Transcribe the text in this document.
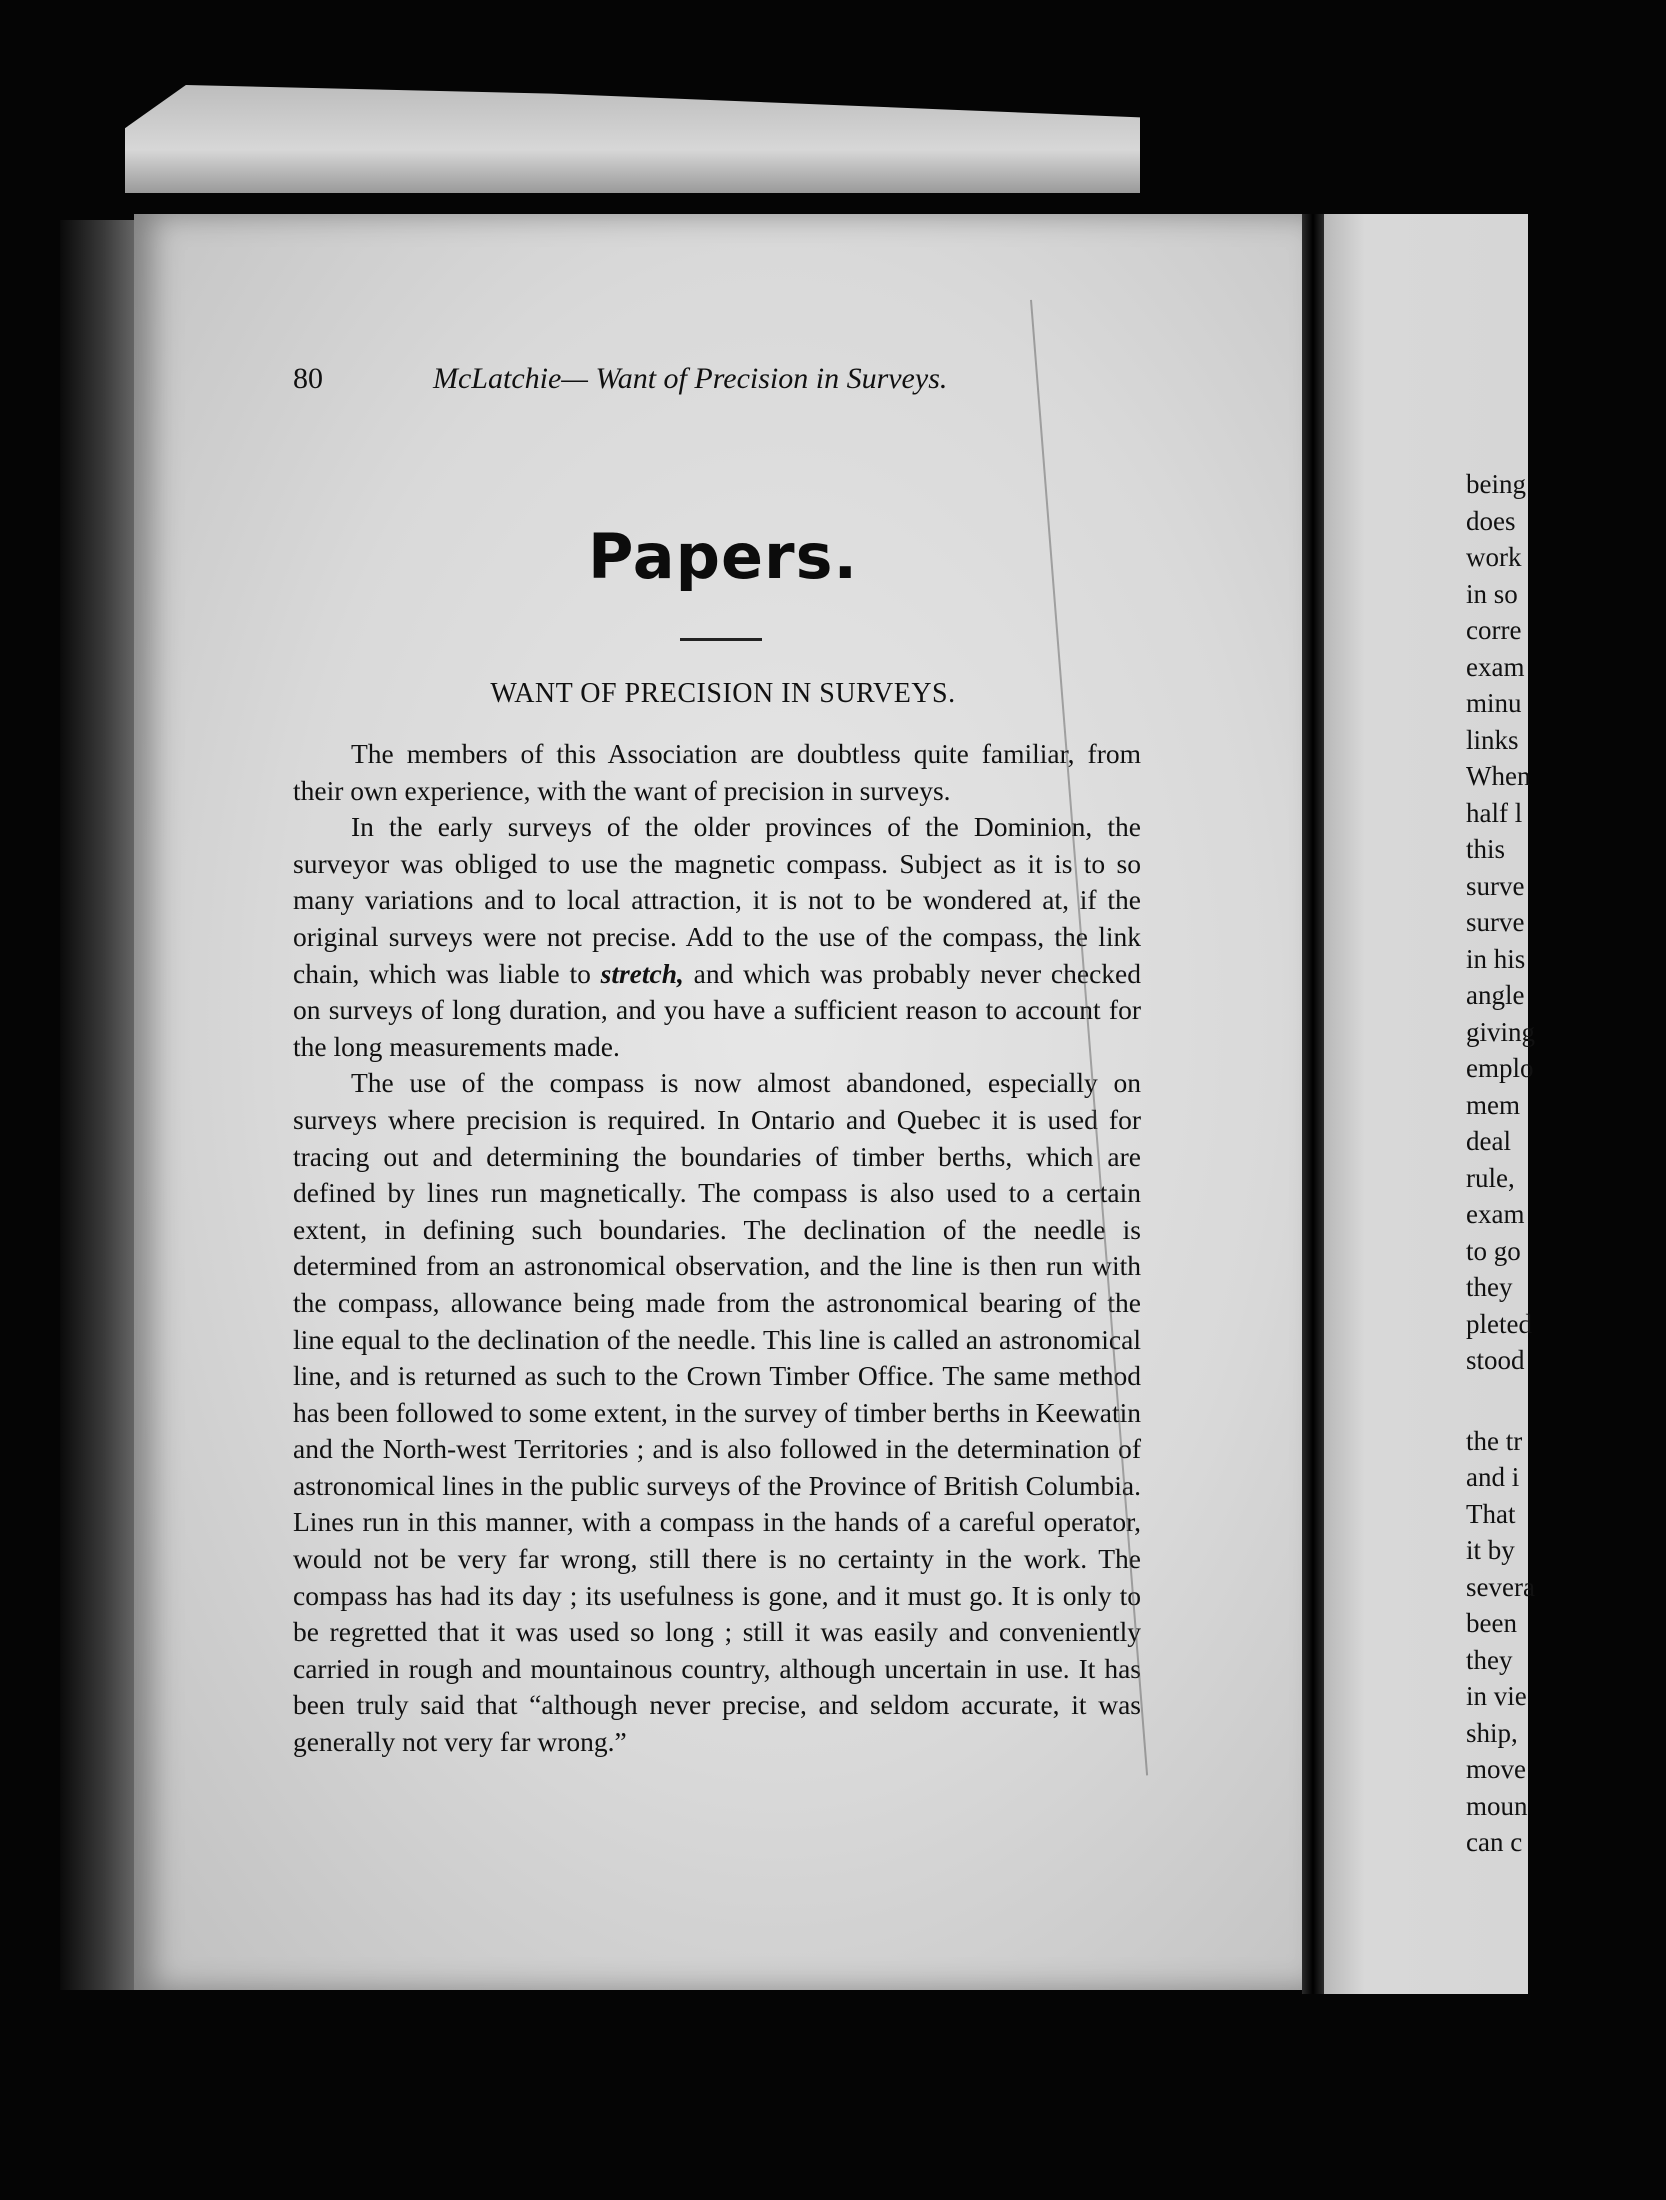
80	McLatchie— Want of Precision in Surveys.
Papers.
WANT OF PRECISION IN SURVEYS.

The members of this Association are doubtless quite familiar, from their own experience, with the want of precision in surveys.

In the early surveys of the older provinces of the Dominion, the surveyor was obliged to use the magnetic compass. Subject as it is to so many variations and to local attraction, it is not to be wondered at, if the original surveys were not precise. Add to the use of the compass, the link chain, which was liable to stretch, and which was probably never checked on surveys of long duration, and you have a sufficient reason to account for the long measurements made.

The use of the compass is now almost abandoned, especially on surveys where precision is required. In Ontario and Quebec it is used for tracing out and determining the boundaries of timber berths, which are defined by lines run magnetically. The compass is also used to a certain extent, in defining such boundaries. The declination of the needle is determined from an astronomical observation, and the line is then run with the compass, allowance being made from the astronomical bearing of the line equal to the declination of the needle. This line is called an astronomical line, and is returned as such to the Crown Timber Office. The same method has been followed to some extent, in the survey of timber berths in Keewatin and the North-west Territories ; and is also followed in the determination of astronomical lines in the public surveys of the Province of British Columbia. Lines run in this manner, with a compass in the hands of a careful operator, would not be very far wrong, still there is no certainty in the work. The compass has had its day ; its usefulness is gone, and it must go. It is only to be regretted that it was used so long ; still it was easily and conveniently carried in rough and mountainous country, although uncertain in use. It has been truly said that “although never precise, and seldom accurate, it was generally not very far wrong.”

being
does
work
in so
corre
exam
minu
links
When
half l
this
surve
surve
in his
angle
giving
emplo
mem
deal
rule,
exam
to go
they
pleted
stood
the tr
and i
That
it by
severa
been
they
in vie
ship,
move
moun
can c
